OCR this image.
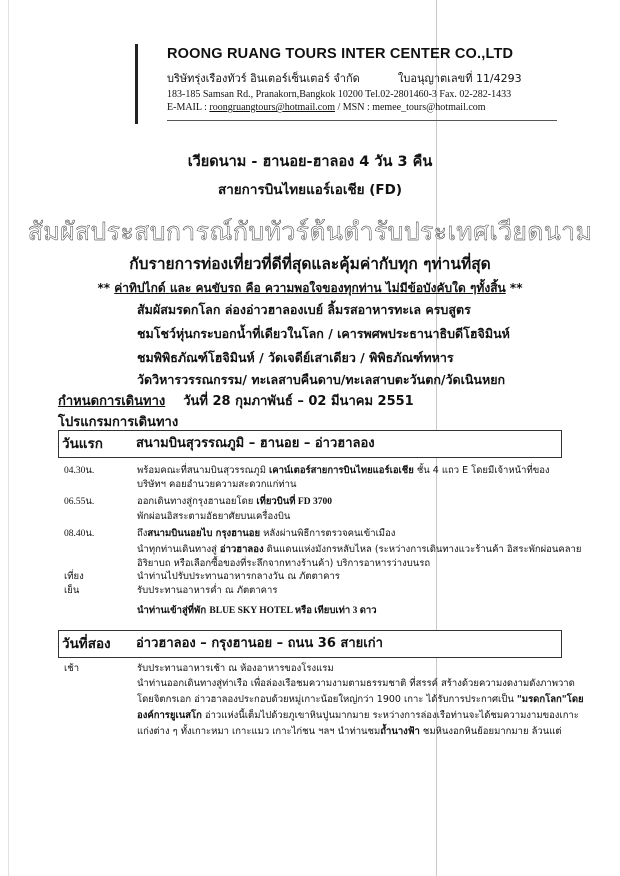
ROONG RUANG TOURS INTER CENTER CO.,LTD
บริษัทรุ่งเรืองทัวร์ อินเตอร์เซ็นเตอร์ จำกัด	ใบอนุญาตเลขที่ 11/4293
183-185 Samsan Rd., Pranakorn,Bangkok 10200 Tel.02-2801460-3 Fax. 02-282-1433
E-MAIL : roongruangtours@hotmail.com / MSN : memee_tours@hotmail.com
เวียดนาม - ฮานอย-ฮาลอง 4 วัน 3 คืน
สายการบินไทยแอร์เอเชีย (FD)
สัมผัสประสบการณ์กับทัวร์ต้นตำรับประเทศเวียดนาม
กับรายการท่องเที่ยวที่ดีที่สุดและคุ้มค่ากับทุก ๆท่านที่สุด
** ค่าทิปไกด์ และ คนขับรถ คือ ความพอใจของทุกท่าน ไม่มีข้อบังคับใด ๆทั้งสิ้น **
สัมผัสมรดกโลก ล่องอ่าวฮาลองเบย์ ลิ้มรสอาหารทะเล ครบสูตร
ชมโชว์หุ่นกระบอกน้ำที่เดียวในโลก / เคารพศพประธานาธิบดีโฮจิมินห์
ชมพิพิธภัณฑ์โฮจิมินห์ / วัดเจดีย์เสาเดียว / พิพิธภัณฑ์ทหาร
วัดวิหารวรรณกรรม/ ทะเลสาบคืนดาบ/ทะเลสาบตะวันตก/วัดเนินหยก
กำหนดการเดินทาง วันที่ 28 กุมภาพันธ์ – 02 มีนาคม 2551
โปรแกรมการเดินทาง
วันแรก	สนามบินสุวรรณภูมิ – ฮานอย – อ่าวฮาลอง
04.30น.	พร้อมคณะที่สนามบินสุวรรณภูมิ เคาน์เตอร์สายการบินไทยแอร์เอเชีย ชั้น 4 แถว E โดยมีเจ้าหน้าที่ของ
บริษัทฯ คอยอำนวยความสะดวกแก่ท่าน
06.55น.	ออกเดินทางสู่กรุงฮานอยโดย เที่ยวบินที่ FD 3700
พักผ่อนอิสระตามอัธยาศัยบนเครื่องบิน
08.40น.	ถึงสนามบินนอยไบ กรุงฮานอย หลังผ่านพิธีการตรวจคนเข้าเมือง
นำทุกท่านเดินทางสู่ อ่าวฮาลอง ดินแดนแห่งมังกรหลับไหล (ระหว่างการเดินทางแวะร้านค้า อิสระพักผ่อนคลาย
อิริยาบถ หรือเลือกซื้อของที่ระลึกจากทางร้านค้า) บริการอาหารว่างบนรถ
เที่ยง	นำท่านไปรับประทานอาหารกลางวัน ณ ภัตตาคาร
เย็น	รับประทานอาหารค่ำ ณ ภัตตาคาร
นำท่านเข้าสู่ที่พัก BLUE SKY HOTEL หรือ เทียบเท่า 3 ดาว
วันที่สอง อ่าวฮาลอง – กรุงฮานอย – ถนน 36 สายเก่า
เช้า	รับประทานอาหารเช้า ณ ห้องอาหารของโรงแรม
นำท่านออกเดินทางสู่ท่าเรือ เพื่อล่องเรือชมความงามตามธรรมชาติ ที่สรรค์ สร้างด้วยความงดงามดังภาพวาด
โดยจิตกรเอก อ่าวฮาลองประกอบด้วยหมู่เกาะน้อยใหญ่กว่า 1900 เกาะ ได้รับการประกาศเป็น "มรดกโลก"โดย
องค์การยูเนสโก อ่าวแห่งนี้เต็มไปด้วยภูเขาหินปูนมากมาย ระหว่างการล่องเรือท่านจะได้ชมความงามของเกาะ
แก่งต่าง ๆ ทั้งเกาะหมา เกาะแมว เกาะไก่ชน ฯลฯ นำท่านชมถ้ำนางฟ้า ชมหินงอกหินย้อยมากมาย ล้วนแต่
